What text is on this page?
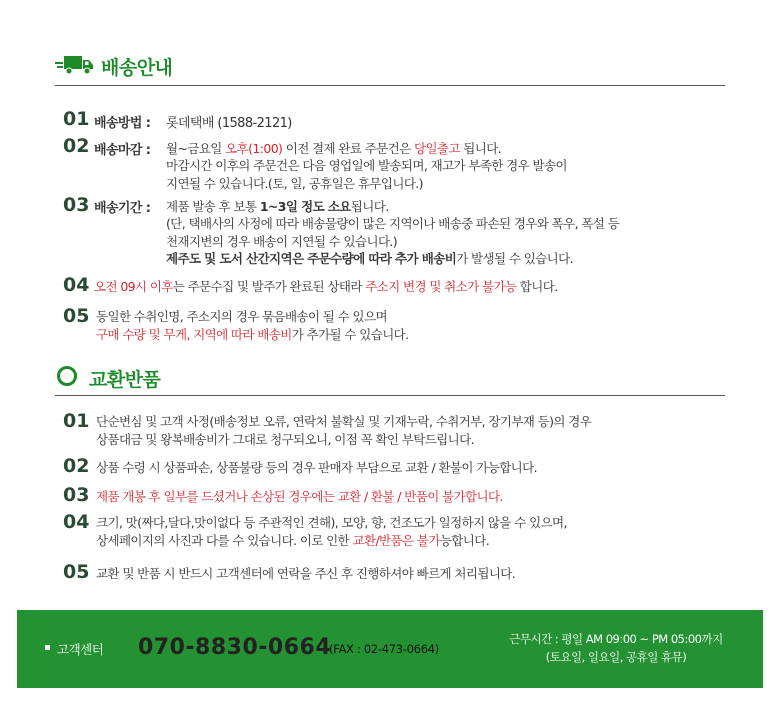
배송안내
01 배송방법 : 롯데택배 (1588-2121)
02 배송마감 : 월~금요일 오후(1:00) 이전 결제 완료 주문건은 당일출고 됩니다.
마감시간 이후의 주문건은 다음 영업일에 발송되며, 재고가 부족한 경우 발송이
지연될 수 있습니다.(토, 일, 공휴일은 휴무입니다.)
03 배송기간 : 제품 발송 후 보통 1~3일 정도 소요됩니다.
(단, 택배사의 사정에 따라 배송물량이 많은 지역이나 배송중 파손된 경우와 폭우, 폭설 등
천재지변의 경우 배송이 지연될 수 있습니다.)
제주도 및 도서 산간지역은 주문수량에 따라 추가 배송비가 발생될 수 있습니다.
04 오전 09시 이후는 주문수집 및 발주가 완료된 상태라 주소지 변경 및 취소가 불가능 합니다.
05 동일한 수취인명, 주소지의 경우 묶음배송이 될 수 있으며
구매 수량 및 무게, 지역에 따라 배송비가 추가될 수 있습니다.
교환반품
01 단순변심 및 고객 사정(배송정보 오류, 연락처 불확실 및 기재누락, 수취거부, 장기부재 등)의 경우
상품대금 및 왕복배송비가 그대로 청구되오니, 이점 꼭 확인 부탁드립니다.
02 상품 수령 시 상품파손, 상품불량 등의 경우 판매자 부담으로 교환 / 환불이 가능합니다.
03 제품 개봉 후 일부를 드셨거나 손상된 경우에는 교환 / 환불 / 반품이 불가합니다.
04 크기, 맛(짜다,달다,맛이없다 등 주관적인 견해), 모양, 향, 건조도가 일정하지 않을 수 있으며,
상세페이지의 사진과 다를 수 있습니다. 이로 인한 교환/반품은 불가능합니다.
05 교환 및 반품 시 반드시 고객센터에 연락을 주신 후 진행하셔야 빠르게 처리됩니다.
고객센터 070-8830-0664
(FAX : 02-473-0664)
근무시간 : 평일 AM 09:00 ~ PM 05:00까지
(토요일, 일요일, 공휴일 휴뮤)
